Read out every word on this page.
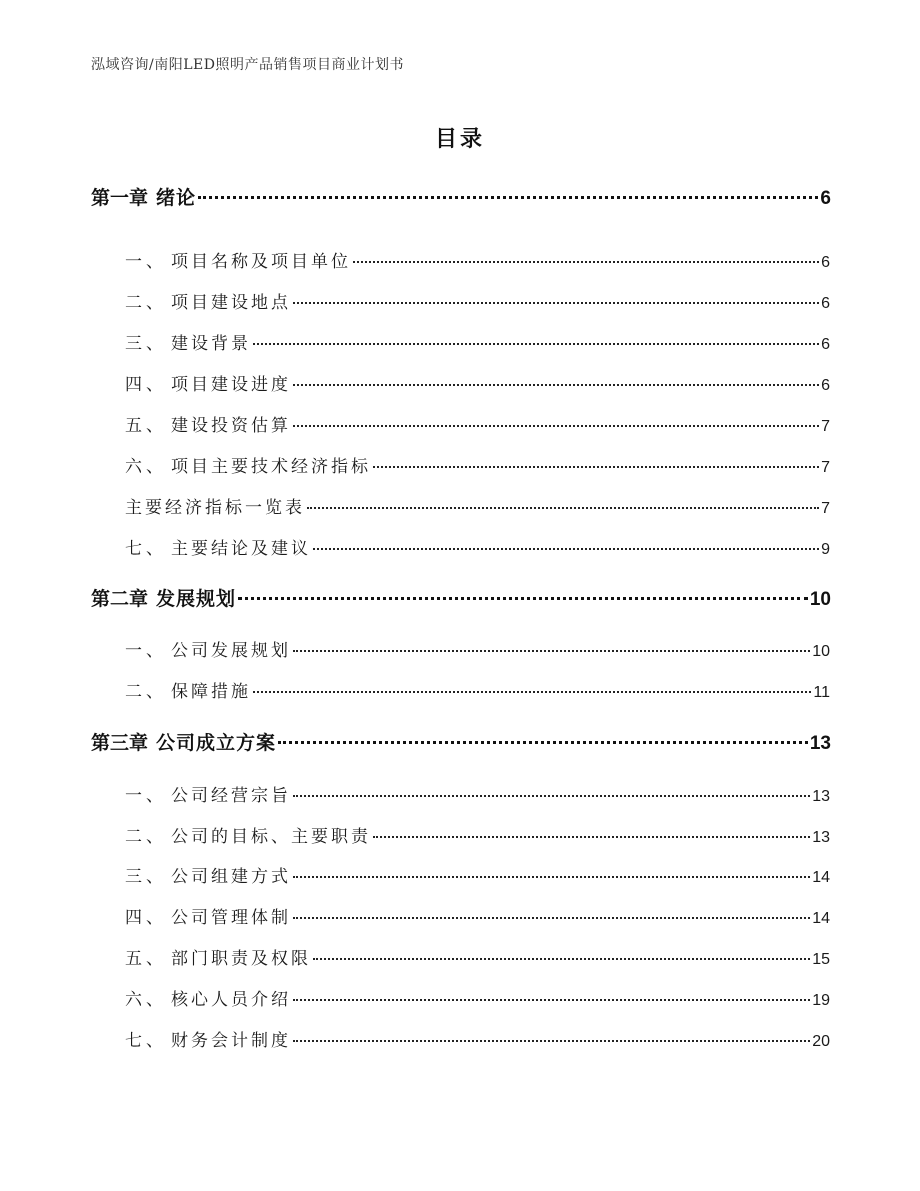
泓域咨询/南阳LED照明产品销售项目商业计划书
目录
第一章 绪论	6
一、 项目名称及项目单位	6
二、 项目建设地点	6
三、 建设背景	6
四、 项目建设进度	6
五、 建设投资估算	7
六、 项目主要技术经济指标	7
主要经济指标一览表	7
七、 主要结论及建议	9
第二章 发展规划	10
一、 公司发展规划	10
二、 保障措施	11
第三章 公司成立方案	13
一、 公司经营宗旨	13
二、 公司的目标、主要职责	13
三、 公司组建方式	14
四、 公司管理体制	14
五、 部门职责及权限	15
六、 核心人员介绍	19
七、 财务会计制度	20
